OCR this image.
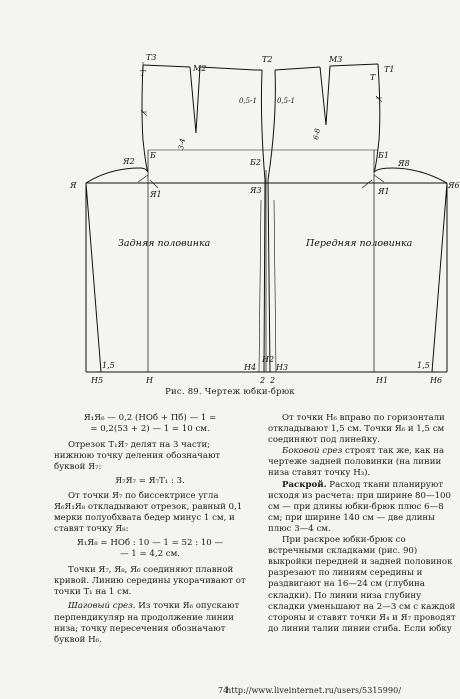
Т3
Т
М2
Т2	М3
Т1
Т
Б
Б2
Б1
Я
Я2
Я1	Я3	Я1
Я8
Я6
Н5	Н
Н4
Н2
Н3
2 2	Н1	Н6
1,5	1,5
3-4
6-8
0,5-1	0,5-1
Задняя половинка	Передняя половинка
Рис. 89. Чертеж юбки-брюк

Я₁Я₆ — 0,2 (НОб + Пб) — 1 =

= 0,2(53 + 2) — 1 = 10 см.

Отрезок Т₁Я₇ делят на 3 части; нижнюю точку деления обозначают буквой Я₇:

Я₇Я₇ = Я₇Т₁ : 3.

От точки Я₇ по биссектрисе угла Я₆Я₁Я₈ откладывают отрезок, равный 0,1 мерки полуобхвата бедер минус 1 см, и ставят точку Я₈:

Я₁Я₈ = НОб : 10 — 1 = 52 : 10 —

— 1 = 4,2 см.

Точки Я₇, Я₈, Я₆ соединяют плавной кривой. Линию середины укорачивают от точки Т₁ на 1 см.

Шаговый срез. Из точки Я₆ опускают перпендикуляр на продолжение линии низа; точку пересечения обозначают буквой Н₆.

От точки Н₆ вправо по горизонтали откладывают 1,5 см. Точки Я₆ и 1,5 см соединяют под линейку.

Боковой срез строят так же, как на чертеже задней половинки (на линии низа ставят точку Н₃).

Раскрой. Расход ткани планируют исходя из расчета: при ширине 80—100 см — при длины юбки-брюк плюс 6—8 см; при ширине 140 см — две длины плюс 3—4 см.

При раскрое юбки-брюк со встречными складками (рис. 90) выкройки передней и задней половинок разрезают по линиям середины и раздвигают на 16—24 см (глубина складки). По линии низа глубину складки уменьшают на 2—3 см с каждой стороны и ставят точки Я₄ и Я₇ проводят до линии талии линии сгиба. Если юбку

74
http://www.liveinternet.ru/users/5315990/
